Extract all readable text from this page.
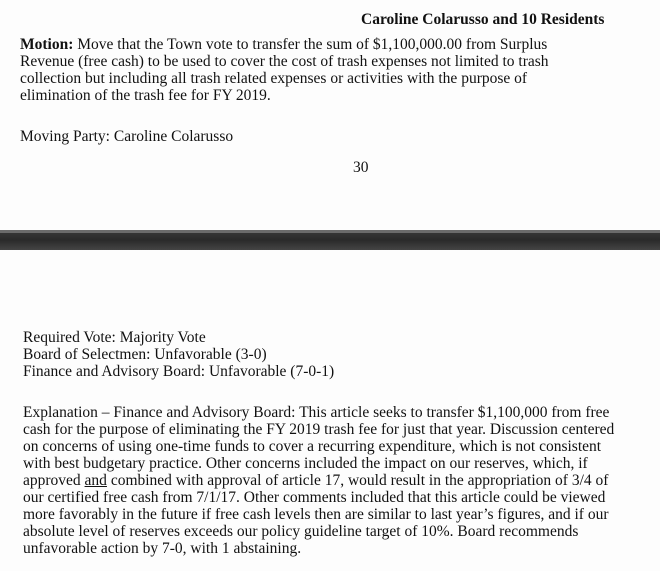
Caroline Colarusso and 10 Residents

Motion: Move that the Town vote to transfer the sum of $1,100,000.00 from Surplus

Revenue (free cash) to be used to cover the cost of trash expenses not limited to trash

collection but including all trash related expenses or activities with the purpose of

elimination of the trash fee for FY 2019.

Moving Party: Caroline Colarusso
30

Required Vote: Majority Vote

Board of Selectmen: Unfavorable (3-0)

Finance and Advisory Board: Unfavorable (7-0-1)

Explanation – Finance and Advisory Board: This article seeks to transfer $1,100,000 from free

cash for the purpose of eliminating the FY 2019 trash fee for just that year. Discussion centered

on concerns of using one-time funds to cover a recurring expenditure, which is not consistent

with best budgetary practice. Other concerns included the impact on our reserves, which, if

approved and combined with approval of article 17, would result in the appropriation of 3/4 of

our certified free cash from 7/1/17. Other comments included that this article could be viewed

more favorably in the future if free cash levels then are similar to last year’s figures, and if our

absolute level of reserves exceeds our policy guideline target of 10%. Board recommends

unfavorable action by 7-0, with 1 abstaining.
